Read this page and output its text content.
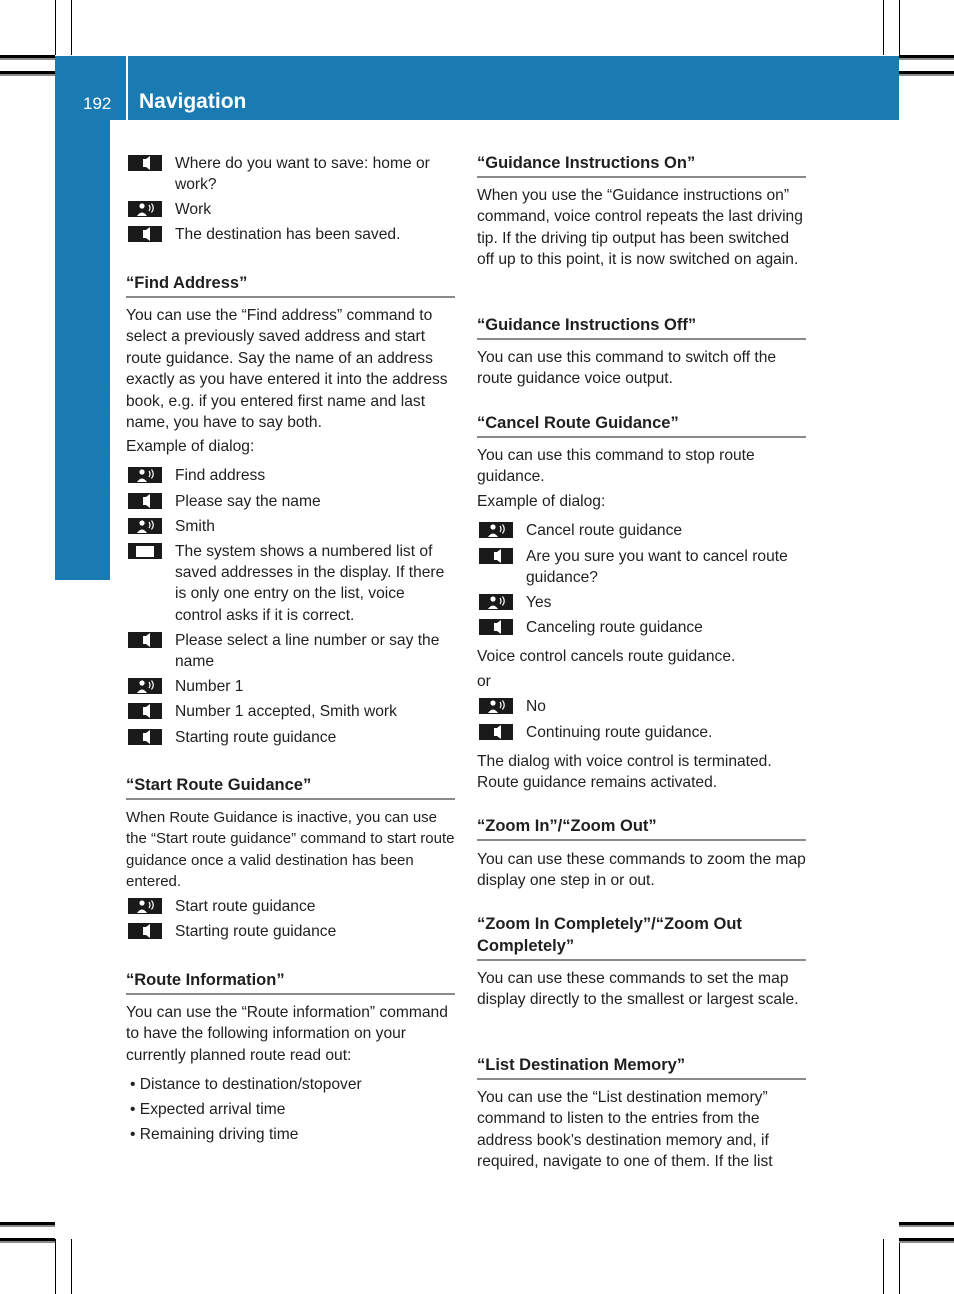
192 Navigation
Voice Control
Where do you want to save: home or work?
Work
The destination has been saved.
“Find Address”
You can use the “Find address” command to select a previously saved address and start route guidance. Say the name of an address exactly as you have entered it into the address book, e.g. if you entered first name and last name, you have to say both.
Example of dialog:
Find address
Please say the name
Smith
The system shows a numbered list of saved addresses in the display. If there is only one entry on the list, voice control asks if it is correct.
Please select a line number or say the name
Number 1
Number 1 accepted, Smith work
Starting route guidance
“Start Route Guidance”
When Route Guidance is inactive, you can use the “Start route guidance” command to start route guidance once a valid destination has been entered.
Start route guidance
Starting route guidance
“Route Information”
You can use the “Route information” command to have the following information on your currently planned route read out:
• Distance to destination/stopover
• Expected arrival time
• Remaining driving time
“Guidance Instructions On”
When you use the “Guidance instructions on” command, voice control repeats the last driving tip. If the driving tip output has been switched off up to this point, it is now switched on again.
“Guidance Instructions Off”
You can use this command to switch off the route guidance voice output.
“Cancel Route Guidance”
You can use this command to stop route guidance.
Example of dialog:
Cancel route guidance
Are you sure you want to cancel route guidance?
Yes
Canceling route guidance
Voice control cancels route guidance.
or
No
Continuing route guidance.
The dialog with voice control is terminated. Route guidance remains activated.
“Zoom In”/“Zoom Out”
You can use these commands to zoom the map display one step in or out.
“Zoom In Completely”/“Zoom Out Completely”
You can use these commands to set the map display directly to the smallest or largest scale.
“List Destination Memory”
You can use the “List destination memory” command to listen to the entries from the address book’s destination memory and, if required, navigate to one of them. If the list
